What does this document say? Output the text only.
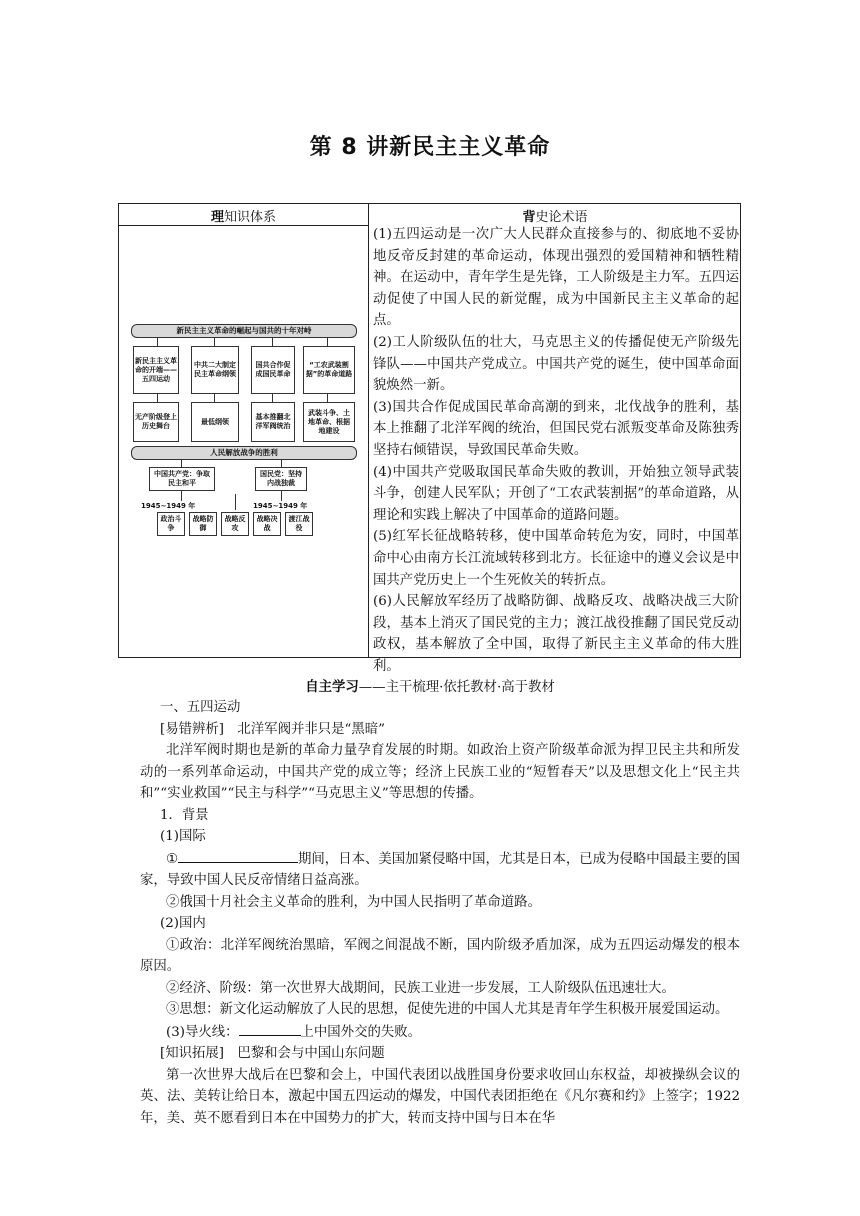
第 8 讲新民主主义革命
理知识体系	背史论术语
新民主主义革命的崛起与国共的十年对峙
新民主主义革命的开端——五四运动
中共二大制定民主革命纲领
国共合作促成国民革命
“工农武装割据”的革命道路
无产阶级登上历史舞台
最低纲领
基本推翻北洋军阀统治
武装斗争、土地革命、根据地建设
人民解放战争的胜利
中国共产党：争取民主和平
国民党：坚持内战独裁
1945~1949 年	1945~1949 年
政治斗争
战略防御
战略反攻
战略决战
渡江战役

(1)五四运动是一次广大人民群众直接参与的、彻底地不妥协地反帝反封建的革命运动，体现出强烈的爱国精神和牺牲精神。在运动中，青年学生是先锋，工人阶级是主力军。五四运动促使了中国人民的新觉醒，成为中国新民主主义革命的起点。

(2)工人阶级队伍的壮大，马克思主义的传播促使无产阶级先锋队——中国共产党成立。中国共产党的诞生，使中国革命面貌焕然一新。

(3)国共合作促成国民革命高潮的到来，北伐战争的胜利，基本上推翻了北洋军阀的统治，但国民党右派叛变革命及陈独秀坚持右倾错误，导致国民革命失败。

(4)中国共产党吸取国民革命失败的教训，开始独立领导武装斗争，创建人民军队；开创了“工农武装割据”的革命道路，从理论和实践上解决了中国革命的道路问题。

(5)红军长征战略转移，使中国革命转危为安，同时，中国革命中心由南方长江流域转移到北方。长征途中的遵义会议是中国共产党历史上一个生死攸关的转折点。

(6)人民解放军经历了战略防御、战略反攻、战略决战三大阶段，基本上消灭了国民党的主力；渡江战役推翻了国民党反动政权，基本解放了全中国，取得了新民主主义革命的伟大胜利。

自主学习——主干梳理·依托教材·高于教材

一、五四运动

[易错辨析]　北洋军阀并非只是“黑暗”

北洋军阀时期也是新的革命力量孕育发展的时期。如政治上资产阶级革命派为捍卫民主共和所发动的一系列革命运动，中国共产党的成立等；经济上民族工业的“短暂春天”以及思想文化上“民主共和”“实业救国”“民主与科学”“马克思主义”等思想的传播。

1．背景

(1)国际

①	期间，日本、美国加紧侵略中国，尤其是日本，已成为侵略中国最主要的国家，导致中国人民反帝情绪日益高涨。

②俄国十月社会主义革命的胜利，为中国人民指明了革命道路。

(2)国内

①政治：北洋军阀统治黑暗，军阀之间混战不断，国内阶级矛盾加深，成为五四运动爆发的根本原因。

②经济、阶级：第一次世界大战期间，民族工业进一步发展，工人阶级队伍迅速壮大。

③思想：新文化运动解放了人民的思想，促使先进的中国人尤其是青年学生积极开展爱国运动。

(3)导火线：	上中国外交的失败。

[知识拓展]　巴黎和会与中国山东问题

第一次世界大战后在巴黎和会上，中国代表团以战胜国身份要求收回山东权益，却被操纵会议的英、法、美转让给日本，激起中国五四运动的爆发，中国代表团拒绝在《凡尔赛和约》上签字；1922 年，美、英不愿看到日本在中国势力的扩大，转而支持中国与日本在华
